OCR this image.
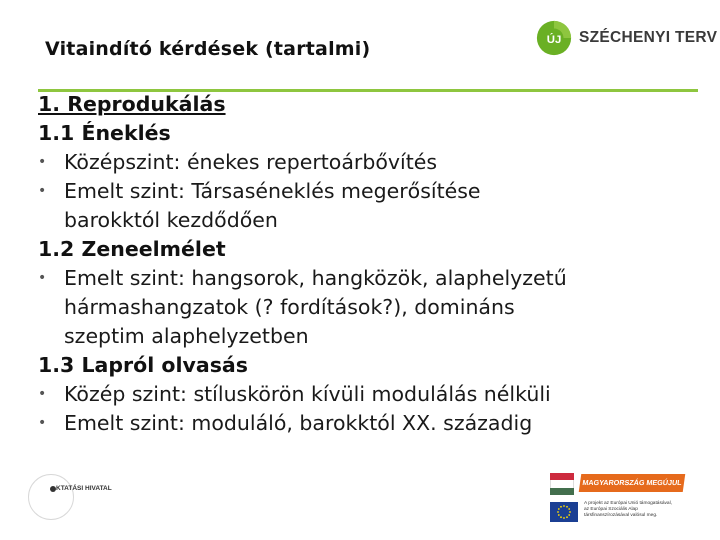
Vitaindító kérdések (tartalmi)	ÚJ SZÉCHENYI TERV
1. Reprodukálás
1.1 Éneklés
• Középszint: énekes repertoárbővítés
• Emelt szint: Társaséneklés megerősítése
barokktól kezdődően
1.2 Zeneelmélet
• Emelt szint: hangsorok, hangközök, alaphelyzetű
hármashangzatok (? fordítások?), domináns
szeptim alaphelyzetben
1.3 Lapról olvasás
• Közép szint: stíluskörön kívüli modulálás nélküli
• Emelt szint: moduláló, barokktól XX. századig
KTATÁSI HIVATAL
MAGYARORSZÁG MEGÚJUL
A projekt az Európai Unió támogatásával,
az Európai Szociális Alap
társfinanszírozásával valósul meg.
